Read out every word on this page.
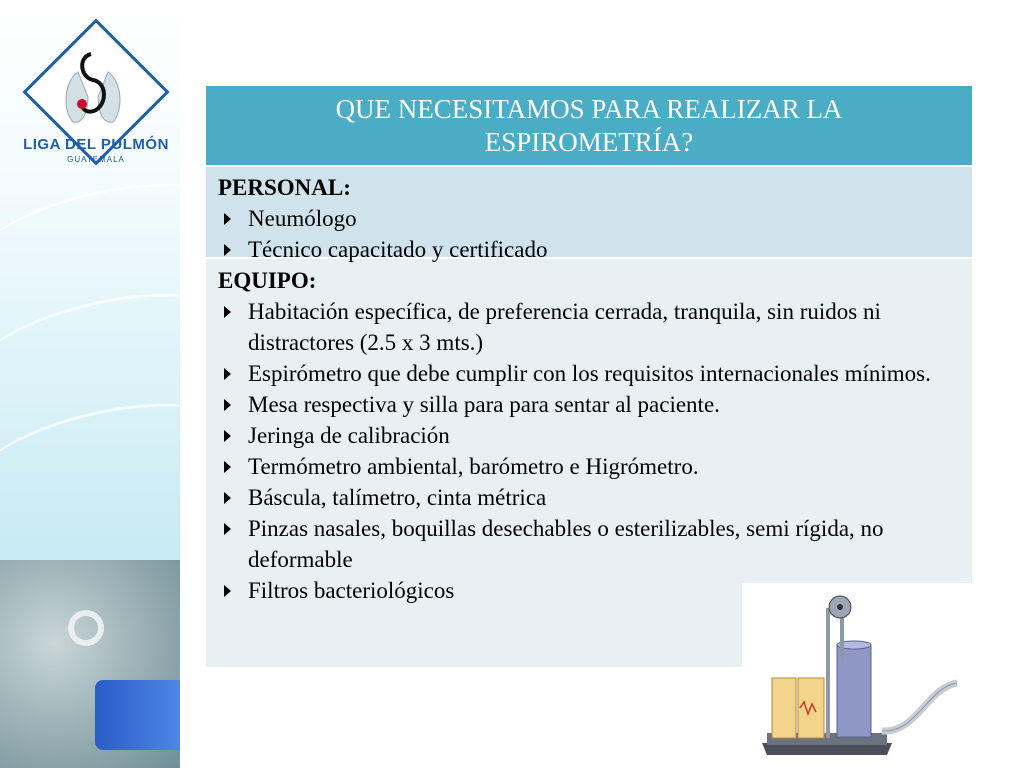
LIGA DEL PULMÓN
GUATEMALA
QUE NECESITAMOS PARA REALIZAR LA
ESPIROMETRÍA?
PERSONAL:
Neumólogo
Técnico capacitado y certificado
EQUIPO:
Habitación específica, de preferencia cerrada, tranquila, sin ruidos ni distractores (2.5 x 3 mts.)
Espirómetro que debe cumplir con los requisitos internacionales mínimos.
Mesa respectiva y silla para para sentar al paciente.
Jeringa de calibración
Termómetro ambiental, barómetro e Higrómetro.
Báscula, talímetro, cinta métrica
Pinzas nasales, boquillas desechables o esterilizables, semi rígida, no deformable
Filtros bacteriológicos
